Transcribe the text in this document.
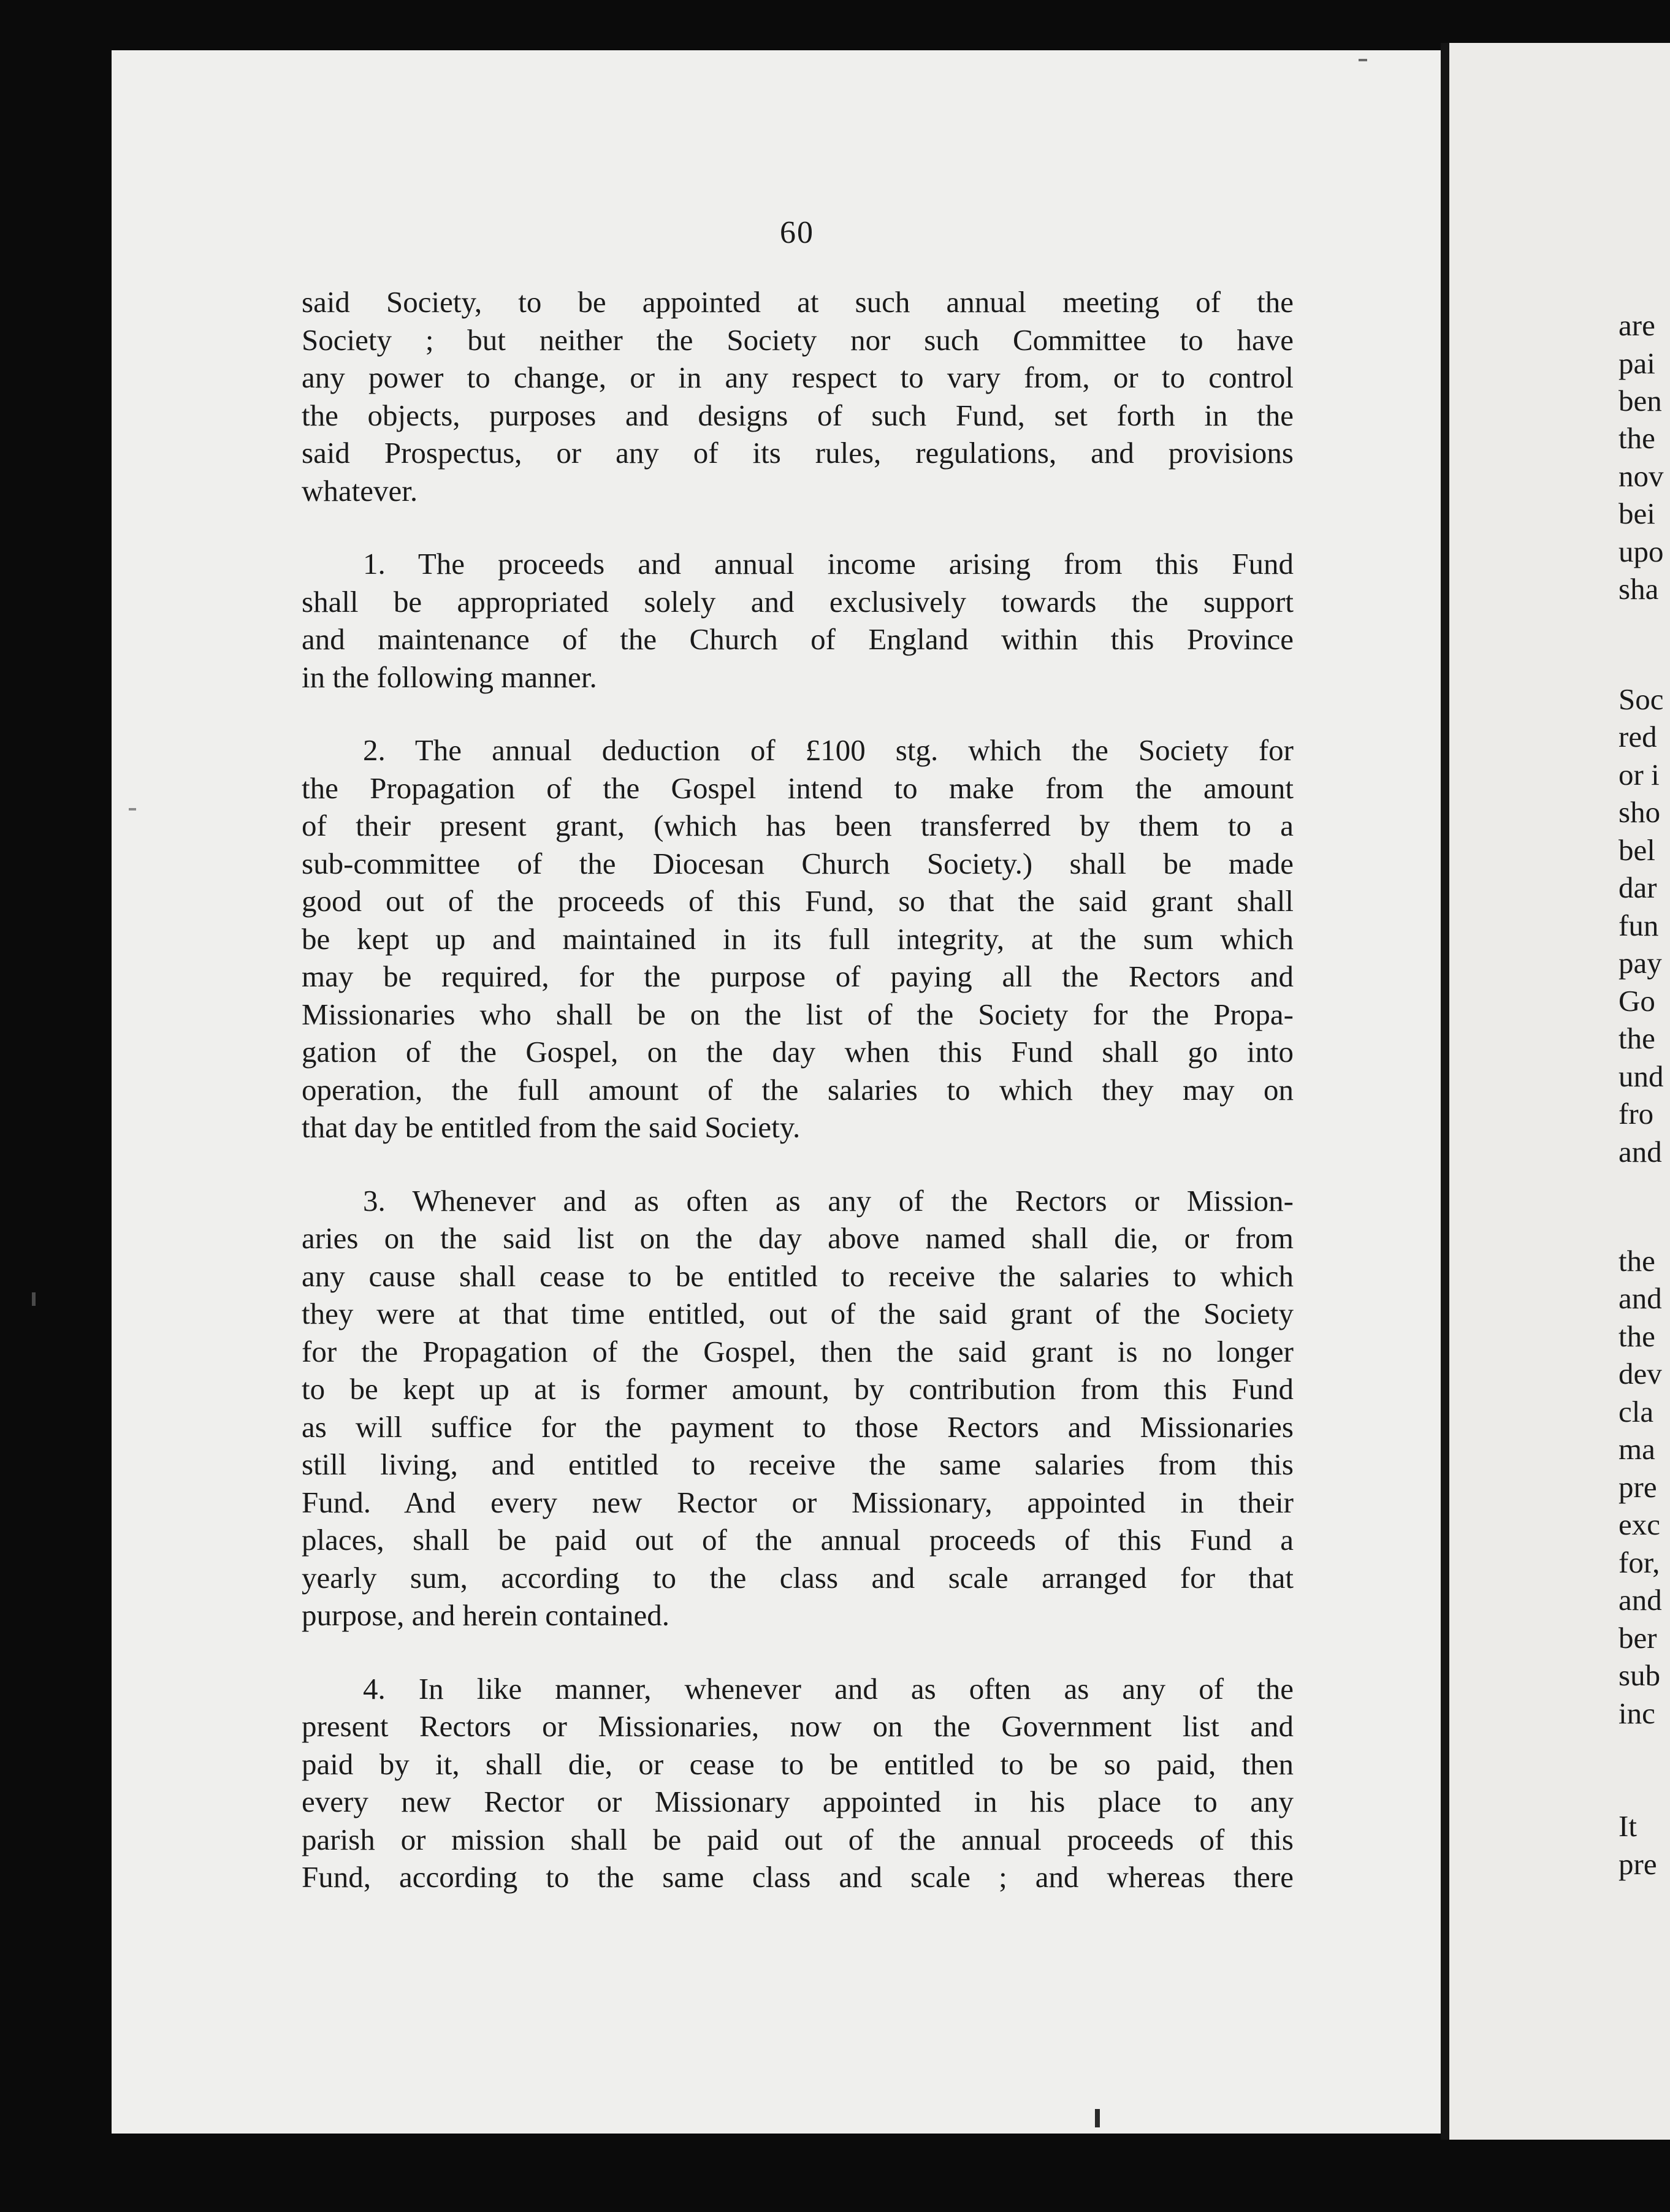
60
said Society, to be appointed at such annual meeting of the
Society ; but neither the Society nor such Committee to have
any power to change, or in any respect to vary from, or to control
the objects, purposes and designs of such Fund, set forth in the
said Prospectus, or any of its rules, regulations, and provisions
whatever.
1. The proceeds and annual income arising from this Fund
shall be appropriated solely and exclusively towards the support
and maintenance of the Church of England within this Province
in the following manner.
2. The annual deduction of £100 stg. which the Society for
the Propagation of the Gospel intend to make from the amount
of their present grant, (which has been transferred by them to a
sub-committee of the Diocesan Church Society.) shall be made
good out of the proceeds of this Fund, so that the said grant shall
be kept up and maintained in its full integrity, at the sum which
may be required, for the purpose of paying all the Rectors and
Missionaries who shall be on the list of the Society for the Propa-
gation of the Gospel, on the day when this Fund shall go into
operation, the full amount of the salaries to which they may on
that day be entitled from the said Society.
3. Whenever and as often as any of the Rectors or Mission-
aries on the said list on the day above named shall die, or from
any cause shall cease to be entitled to receive the salaries to which
they were at that time entitled, out of the said grant of the Society
for the Propagation of the Gospel, then the said grant is no longer
to be kept up at is former amount, by contribution from this Fund
as will suffice for the payment to those Rectors and Missionaries
still living, and entitled to receive the same salaries from this
Fund. And every new Rector or Missionary, appointed in their
places, shall be paid out of the annual proceeds of this Fund a
yearly sum, according to the class and scale arranged for that
purpose, and herein contained.
4. In like manner, whenever and as often as any of the
present Rectors or Missionaries, now on the Government list and
paid by it, shall die, or cease to be entitled to be so paid, then
every new Rector or Missionary appointed in his place to any
parish or mission shall be paid out of the annual proceeds of this
Fund, according to the same class and scale ; and whereas there
are
pai
ben
the
nov
bei
upo
sha
Soc
red
or i
sho
bel
dar
fun
pay
Go
the
und
fro
and
the
and
the
dev
cla
ma
pre
exc
for,
and
ber
sub
inc
It
pre
